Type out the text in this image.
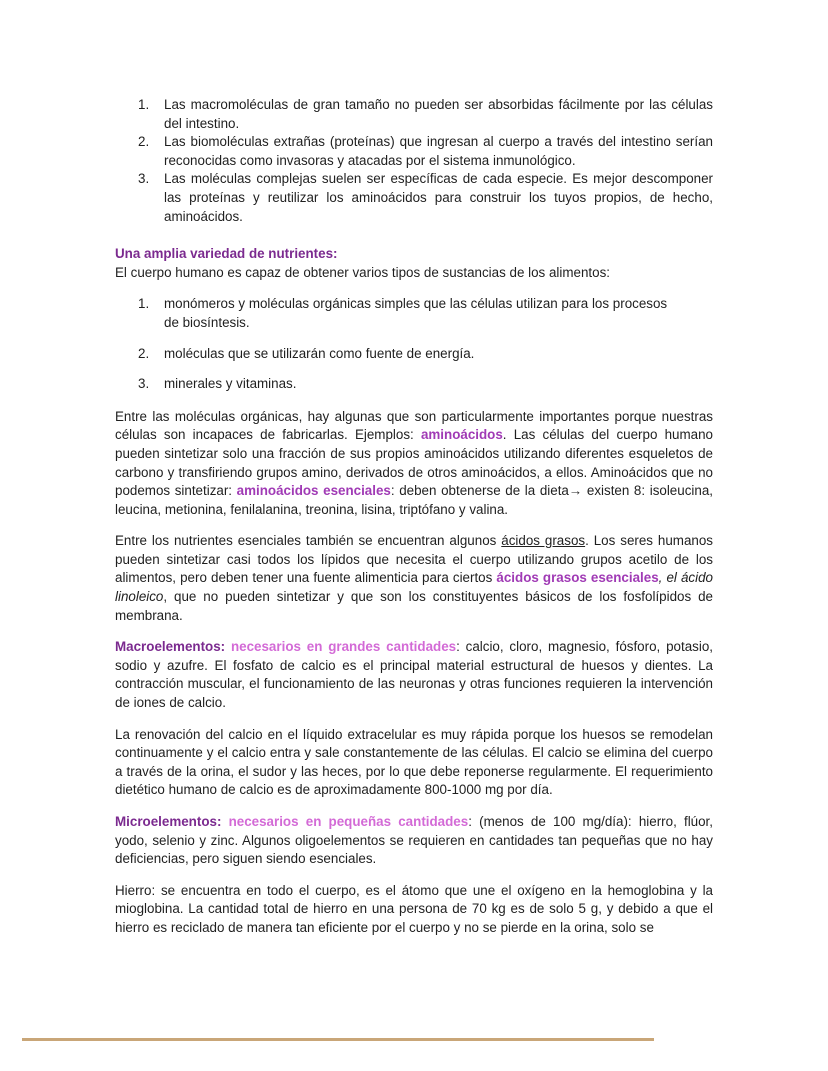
1. Las macromoléculas de gran tamaño no pueden ser absorbidas fácilmente por las células del intestino.
2. Las biomoléculas extrañas (proteínas) que ingresan al cuerpo a través del intestino serían reconocidas como invasoras y atacadas por el sistema inmunológico.
3. Las moléculas complejas suelen ser específicas de cada especie. Es mejor descomponer las proteínas y reutilizar los aminoácidos para construir los tuyos propios, de hecho, aminoácidos.
Una amplia variedad de nutrientes:
El cuerpo humano es capaz de obtener varios tipos de sustancias de los alimentos:
1. monómeros y moléculas orgánicas simples que las células utilizan para los procesos de biosíntesis.
2. moléculas que se utilizarán como fuente de energía.
3. minerales y vitaminas.

Entre las moléculas orgánicas, hay algunas que son particularmente importantes porque nuestras células son incapaces de fabricarlas. Ejemplos: aminoácidos. Las células del cuerpo humano pueden sintetizar solo una fracción de sus propios aminoácidos utilizando diferentes esqueletos de carbono y transfiriendo grupos amino, derivados de otros aminoácidos, a ellos. Aminoácidos que no podemos sintetizar: aminoácidos esenciales: deben obtenerse de la dieta→ existen 8: isoleucina, leucina, metionina, fenilalanina, treonina, lisina, triptófano y valina.

Entre los nutrientes esenciales también se encuentran algunos ácidos grasos. Los seres humanos pueden sintetizar casi todos los lípidos que necesita el cuerpo utilizando grupos acetilo de los alimentos, pero deben tener una fuente alimenticia para ciertos ácidos grasos esenciales, el ácido linoleico, que no pueden sintetizar y que son los constituyentes básicos de los fosfolípidos de membrana.

Macroelementos: necesarios en grandes cantidades: calcio, cloro, magnesio, fósforo, potasio, sodio y azufre. El fosfato de calcio es el principal material estructural de huesos y dientes. La contracción muscular, el funcionamiento de las neuronas y otras funciones requieren la intervención de iones de calcio.

La renovación del calcio en el líquido extracelular es muy rápida porque los huesos se remodelan continuamente y el calcio entra y sale constantemente de las células. El calcio se elimina del cuerpo a través de la orina, el sudor y las heces, por lo que debe reponerse regularmente. El requerimiento dietético humano de calcio es de aproximadamente 800-1000 mg por día.

Microelementos: necesarios en pequeñas cantidades: (menos de 100 mg/día): hierro, flúor, yodo, selenio y zinc. Algunos oligoelementos se requieren en cantidades tan pequeñas que no hay deficiencias, pero siguen siendo esenciales.

Hierro: se encuentra en todo el cuerpo, es el átomo que une el oxígeno en la hemoglobina y la mioglobina. La cantidad total de hierro en una persona de 70 kg es de solo 5 g, y debido a que el hierro es reciclado de manera tan eficiente por el cuerpo y no se pierde en la orina, solo se
